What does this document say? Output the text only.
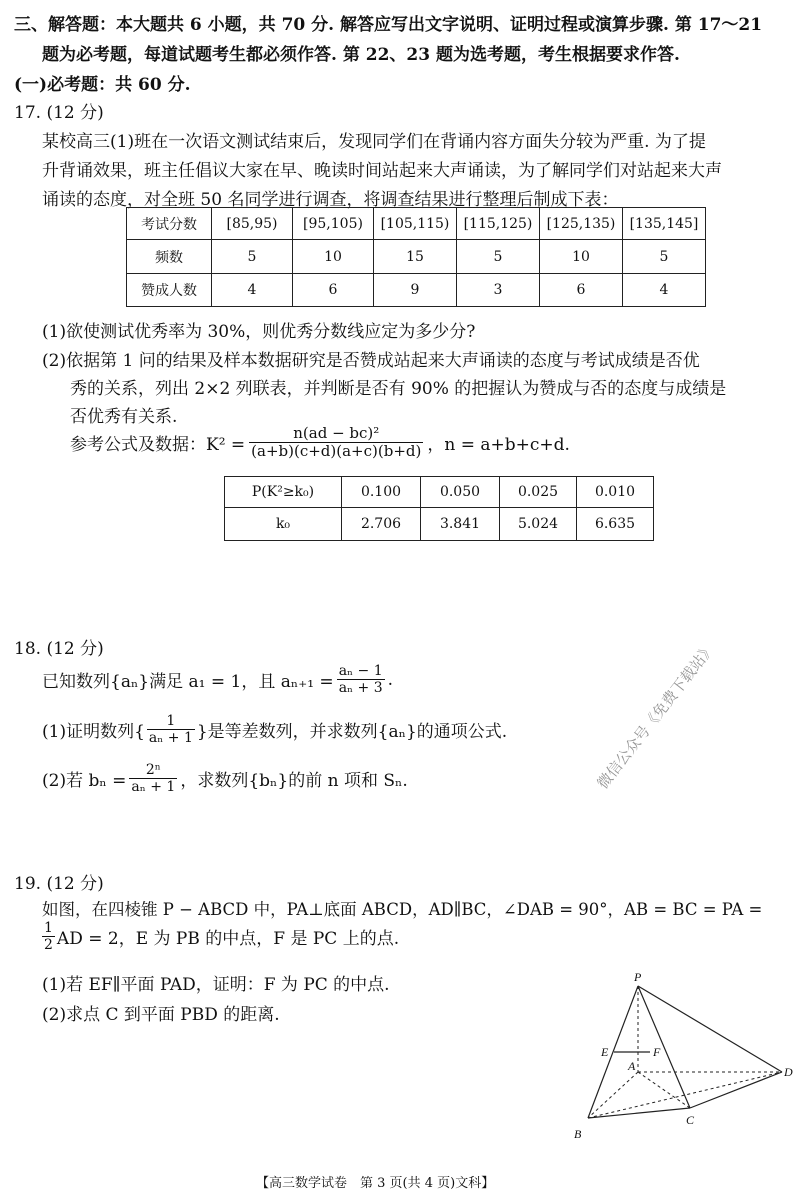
三、解答题：本大题共 6 小题，共 70 分. 解答应写出文字说明、证明过程或演算步骤. 第 17～21
题为必考题，每道试题考生都必须作答. 第 22、23 题为选考题，考生根据要求作答.
(一)必考题：共 60 分.
17. (12 分)
某校高三(1)班在一次语文测试结束后，发现同学们在背诵内容方面失分较为严重. 为了提
升背诵效果，班主任倡议大家在早、晚读时间站起来大声诵读，为了解同学们对站起来大声
诵读的态度，对全班 50 名同学进行调查，将调查结果进行整理后制成下表：
考试分数	[85,95)	[95,105)	[105,115)	[115,125)	[125,135)	[135,145]
频数	5	10	15	5	10	5
赞成人数	4	6	9	3	6	4
(1)欲使测试优秀率为 30%，则优秀分数线应定为多少分?
(2)依据第 1 问的结果及样本数据研究是否赞成站起来大声诵读的态度与考试成绩是否优
秀的关系，列出 2×2 列联表，并判断是否有 90% 的把握认为赞成与否的态度与成绩是
否优秀有关系.
参考公式及数据：$K^2 = \frac{\text{n(ad − bc)²}}{(a+b)(c+d)(a+c)(b+d)}$ ，n = a+b+c+d.
P(K²≥k₀)	0.100	0.050	0.025	0.010
k₀	2.706	3.841	5.024	6.635
18. (12 分)
已知数列{aₙ}满足 a₁ = 1，且 $a_{n+1} = \frac{\text{aₙ − 1}}{\text{aₙ + 3}}$ .
(1)证明数列{ $\frac{1}{\text{aₙ + 1}}$ }是等差数列，并求数列{aₙ}的通项公式.
(2)若 $b_n = \frac{\text{2ⁿ}}{\text{aₙ + 1}}$ ，求数列{bₙ}的前 n 项和 Sₙ.	微信公众号《免费下载站》
19. (12 分)
如图，在四棱锥 P − ABCD 中，PA⊥底面 ABCD，AD∥BC，∠DAB = 90°，AB = BC = PA =
$\frac{1}{2}$ AD = 2，E 为 PB 的中点，F 是 PC 上的点.
(1)若 EF∥平面 PAD，证明：F 为 PC 的中点.
(2)求点 C 到平面 PBD 的距离.
P
E	F
A	D
B
C
【高三数学试卷　第 3 页(共 4 页)文科】
